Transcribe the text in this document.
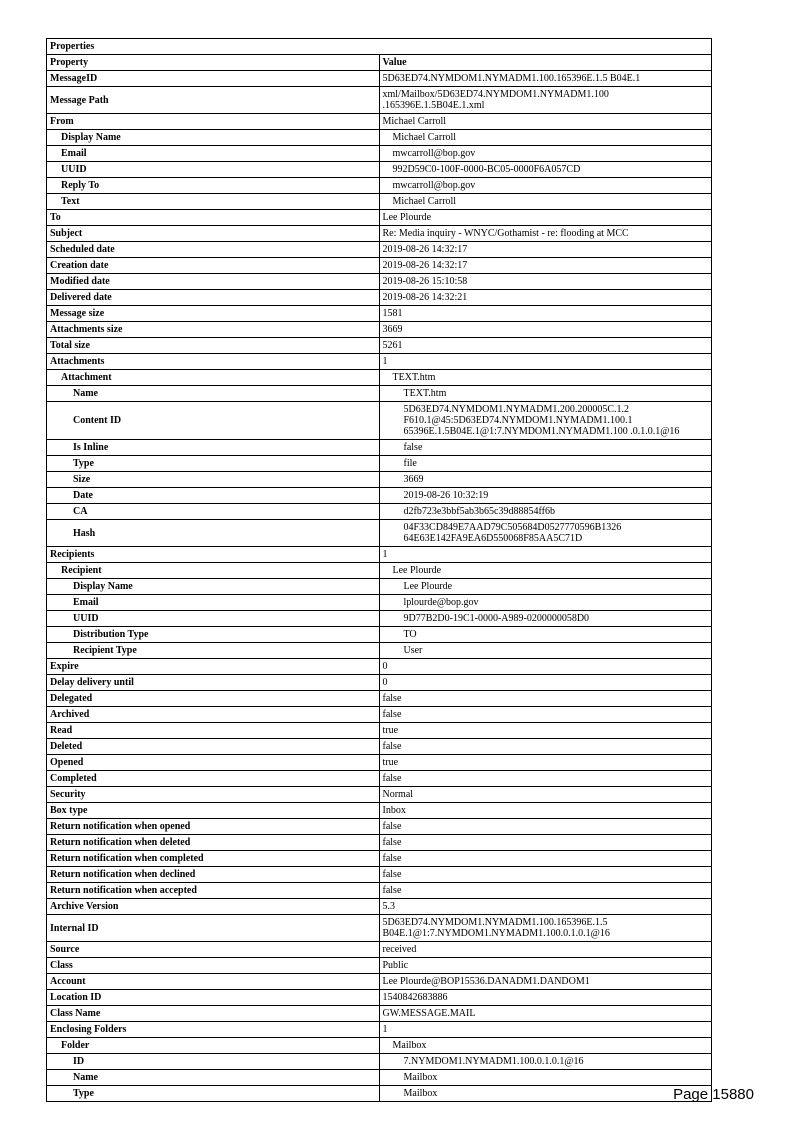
Properties	
Property	Value
MessageID	5D63ED74.NYMDOM1.NYMADM1.100.165396E.1.5 B04E.1
Message Path	xml/Mailbox/5D63ED74.NYMDOM1.NYMADM1.100 .165396E.1.5B04E.1.xml
From	Michael Carroll
Display Name	Michael Carroll
Email	mwcarroll@bop.gov
UUID	992D59C0-100F-0000-BC05-0000F6A057CD
Reply To	mwcarroll@bop.gov
Text	Michael Carroll
To	Lee Plourde
Subject	Re: Media inquiry - WNYC/Gothamist - re: flooding at MCC
Scheduled date	2019-08-26 14:32:17
Creation date	2019-08-26 14:32:17
Modified date	2019-08-26 15:10:58
Delivered date	2019-08-26 14:32:21
Message size	1581
Attachments size	3669
Total size	5261
Attachments	1
Attachment	TEXT.htm
Name	TEXT.htm
Content ID	5D63ED74.NYMDOM1.NYMADM1.200.200005C.1.2
F610.1@45:5D63ED74.NYMDOM1.NYMADM1.100.1
65396E.1.5B04E.1@1:7.NYMDOM1.NYMADM1.100 .0.1.0.1@16
Is Inline	false
Type	file
Size	3669
Date	2019-08-26 10:32:19
CA	d2fb723e3bbf5ab3b65c39d88854ff6b
Hash	04F33CD849E7AAD79C505684D0527770596B1326 64E63E142FA9EA6D550068F85AA5C71D
Recipients	1
Recipient	Lee Plourde
Display Name	Lee Plourde
Email	lplourde@bop.gov
UUID	9D77B2D0-19C1-0000-A989-0200000058D0
Distribution Type	TO
Recipient Type	User
Expire	0
Delay delivery until	0
Delegated	false
Archived	false
Read	true
Deleted	false
Opened	true
Completed	false
Security	Normal
Box type	Inbox
Return notification when opened	false
Return notification when deleted	false
Return notification when completed	false
Return notification when declined	false
Return notification when accepted	false
Archive Version	5.3
Internal ID	5D63ED74.NYMDOM1.NYMADM1.100.165396E.1.5 B04E.1@1:7.NYMDOM1.NYMADM1.100.0.1.0.1@16
Source	received
Class	Public
Account	Lee Plourde@BOP15536.DANADM1.DANDOM1
Location ID	1540842683886
Class Name	GW.MESSAGE.MAIL
Enclosing Folders	1
Folder	Mailbox
ID	7.NYMDOM1.NYMADM1.100.0.1.0.1@16
Name	Mailbox
Type	Mailbox	Page 15880
